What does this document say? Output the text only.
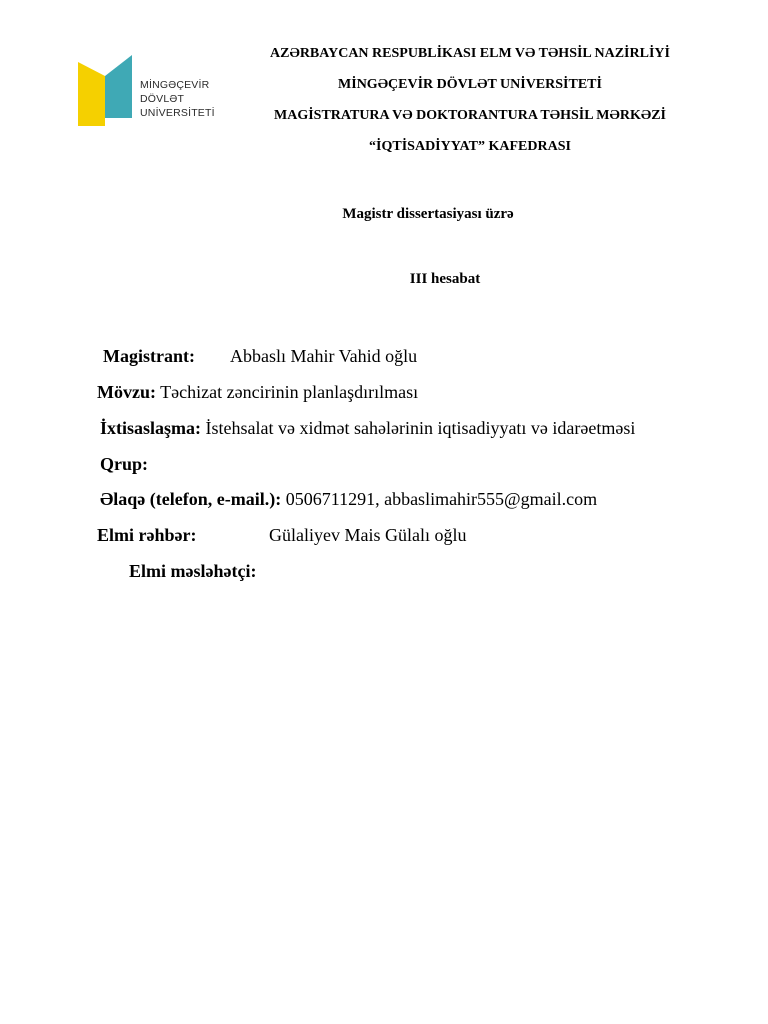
MİNGƏÇEVİR
DÖVLƏT
UNİVERSİTETİ
AZƏRBAYCAN RESPUBLİKASI ELM VƏ TƏHSİL NAZİRLİYİ
MİNGƏÇEVİR DÖVLƏT UNİVERSİTETİ
MAGİSTRATURA VƏ DOKTORANTURA TƏHSİL MƏRKƏZİ
“İQTİSADİYYAT” KAFEDRASI
Magistr dissertasiyası üzrə
III hesabat
Magistrant: Abbaslı Mahir Vahid oğlu
Mövzu: Təchizat zəncirinin planlaşdırılması
İxtisaslaşma: İstehsalat və xidmət sahələrinin iqtisadiyyatı və idarəetməsi
Qrup:
Əlaqə (telefon, e-mail.): 0506711291, abbaslimahir555@gmail.com
Elmi rəhbər:	Gülaliyev Mais Gülalı oğlu
Elmi məsləhətçi:
